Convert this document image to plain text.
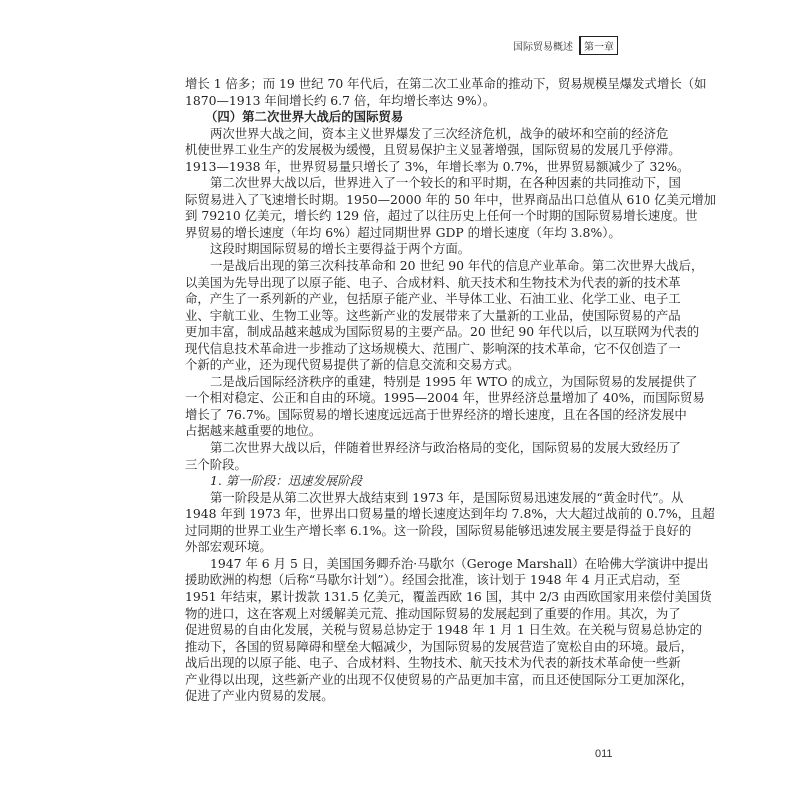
国际贸易概述	第一章
增长 1 倍多；而 19 世纪 70 年代后，在第二次工业革命的推动下，贸易规模呈爆发式增长（如
1870—1913 年间增长约 6.7 倍，年均增长率达 9%）。
（四）第二次世界大战后的国际贸易
两次世界大战之间，资本主义世界爆发了三次经济危机，战争的破坏和空前的经济危
机使世界工业生产的发展极为缓慢，且贸易保护主义显著增强，国际贸易的发展几乎停滞。
1913—1938 年，世界贸易量只增长了 3%，年增长率为 0.7%，世界贸易额减少了 32%。
第二次世界大战以后，世界进入了一个较长的和平时期，在各种因素的共同推动下，国
际贸易进入了飞速增长时期。1950—2000 年的 50 年中，世界商品出口总值从 610 亿美元增加
到 79210 亿美元，增长约 129 倍，超过了以往历史上任何一个时期的国际贸易增长速度。世
界贸易的增长速度（年均 6%）超过同期世界 GDP 的增长速度（年均 3.8%）。
这段时期国际贸易的增长主要得益于两个方面。
一是战后出现的第三次科技革命和 20 世纪 90 年代的信息产业革命。第二次世界大战后，
以美国为先导出现了以原子能、电子、合成材料、航天技术和生物技术为代表的新的技术革
命，产生了一系列新的产业，包括原子能产业、半导体工业、石油工业、化学工业、电子工
业、宇航工业、生物工业等。这些新产业的发展带来了大量新的工业品，使国际贸易的产品
更加丰富，制成品越来越成为国际贸易的主要产品。20 世纪 90 年代以后，以互联网为代表的
现代信息技术革命进一步推动了这场规模大、范围广、影响深的技术革命，它不仅创造了一
个新的产业，还为现代贸易提供了新的信息交流和交易方式。
二是战后国际经济秩序的重建，特别是 1995 年 WTO 的成立，为国际贸易的发展提供了
一个相对稳定、公正和自由的环境。1995—2004 年，世界经济总量增加了 40%，而国际贸易
增长了 76.7%。国际贸易的增长速度远远高于世界经济的增长速度，且在各国的经济发展中
占据越来越重要的地位。
第二次世界大战以后，伴随着世界经济与政治格局的变化，国际贸易的发展大致经历了
三个阶段。
1. 第一阶段：迅速发展阶段
第一阶段是从第二次世界大战结束到 1973 年，是国际贸易迅速发展的“黄金时代”。从
1948 年到 1973 年，世界出口贸易量的增长速度达到年均 7.8%，大大超过战前的 0.7%，且超
过同期的世界工业生产增长率 6.1%。这一阶段，国际贸易能够迅速发展主要是得益于良好的
外部宏观环境。
1947 年 6 月 5 日，美国国务卿乔治·马歇尔（Geroge Marshall）在哈佛大学演讲中提出
援助欧洲的构想（后称“马歇尔计划”）。经国会批准，该计划于 1948 年 4 月正式启动，至
1951 年结束，累计拨款 131.5 亿美元，覆盖西欧 16 国，其中 2/3 由西欧国家用来偿付美国货
物的进口，这在客观上对缓解美元荒、推动国际贸易的发展起到了重要的作用。其次，为了
促进贸易的自由化发展，关税与贸易总协定于 1948 年 1 月 1 日生效。在关税与贸易总协定的
推动下，各国的贸易障碍和壁垒大幅减少，为国际贸易的发展营造了宽松自由的环境。最后，
战后出现的以原子能、电子、合成材料、生物技术、航天技术为代表的新技术革命使一些新
产业得以出现，这些新产业的出现不仅使贸易的产品更加丰富，而且还使国际分工更加深化，
促进了产业内贸易的发展。
011
